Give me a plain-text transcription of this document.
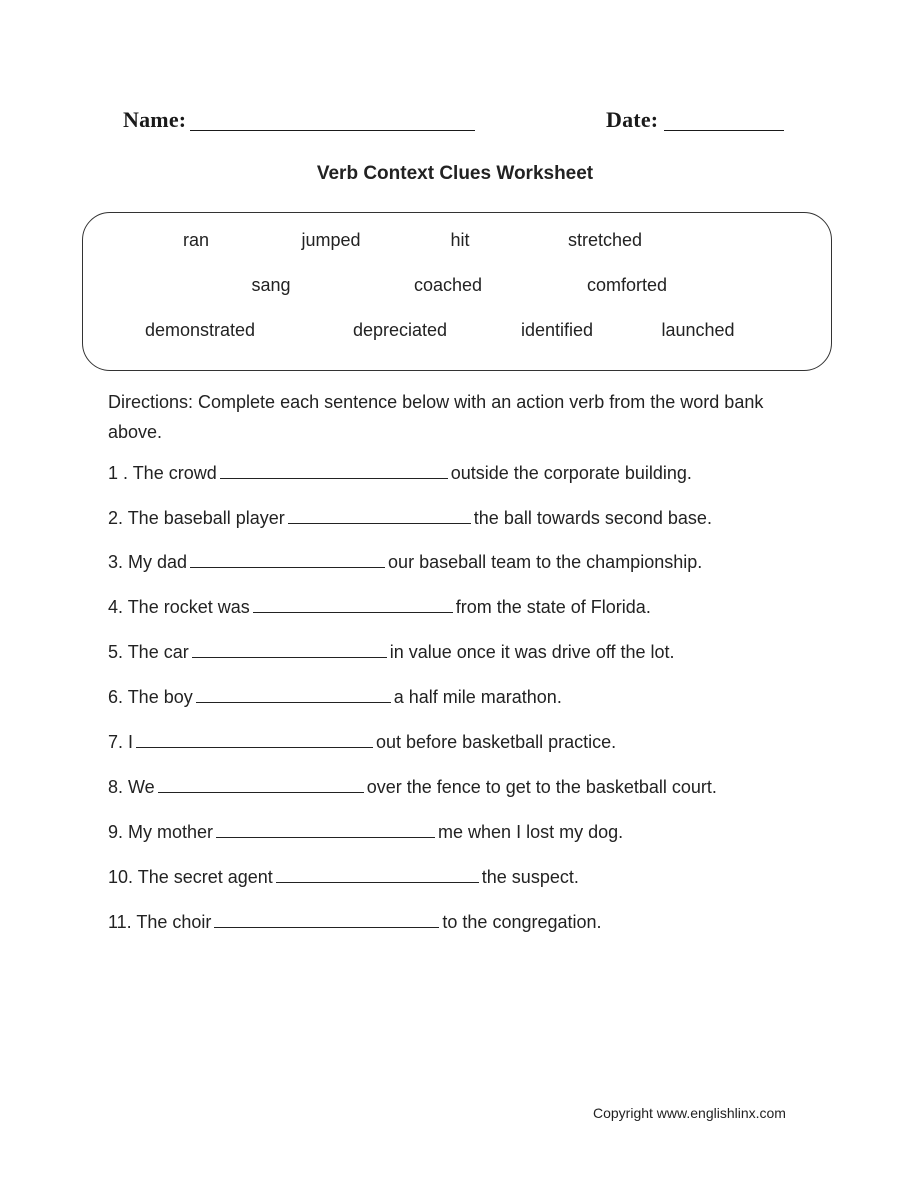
Name:	Date:
Verb Context Clues Worksheet
ran	jumped	hit	stretched
sang	coached	comforted
demonstrated	depreciated	identified	launched
Directions: Complete each sentence below with an action verb from the word bank above.
1 . The crowd	outside the corporate building.
2. The baseball player	the ball towards second base.
3. My dad	our baseball team to the championship.
4. The rocket was	from the state of Florida.
5. The car	in value once it was drive off the lot.
6. The boy	a half mile marathon.
7. I	out before basketball practice.
8. We	over the fence to get to the basketball court.
9. My mother	me when I lost my dog.
10. The secret agent	the suspect.
11. The choir	to the congregation.
Copyright www.englishlinx.com
